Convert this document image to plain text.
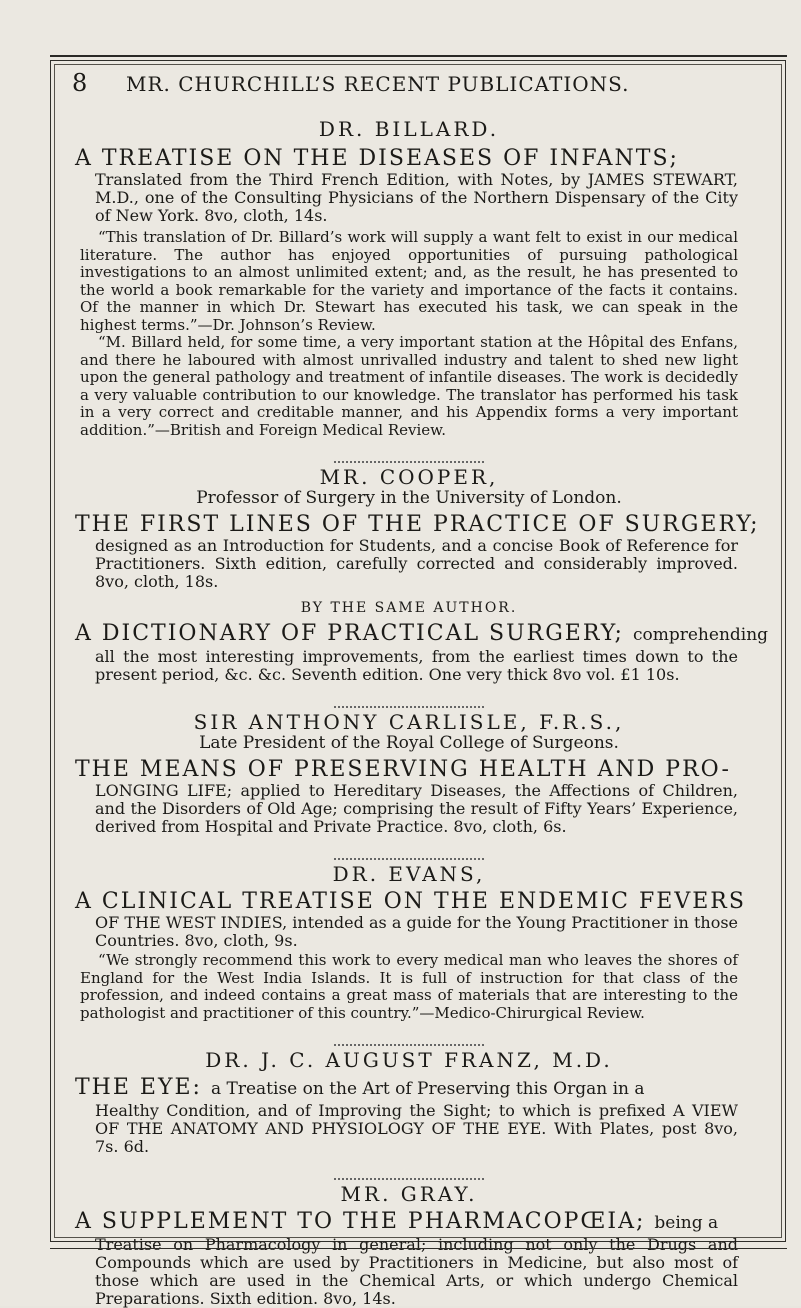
8 MR. CHURCHILL’S RECENT PUBLICATIONS.
DR. BILLARD.
A TREATISE ON THE DISEASES OF INFANTS;

Translated from the Third French Edition, with Notes, by JAMES STEWART, M.D., one of the Consulting Physicians of the Northern Dispensary of the City of New York. 8vo, cloth, 14s.

“This translation of Dr. Billard’s work will supply a want felt to exist in our medical literature. The author has enjoyed opportunities of pursuing pathological investigations to an almost unlimited extent; and, as the result, he has presented to the world a book remarkable for the variety and importance of the facts it contains. Of the manner in which Dr. Stewart has executed his task, we can speak in the highest terms.”—Dr. Johnson’s Review.

“M. Billard held, for some time, a very important station at the Hôpital des Enfans, and there he laboured with almost unrivalled industry and talent to shed new light upon the general pathology and treatment of infantile diseases. The work is decidedly a very valuable contribution to our knowledge. The translator has performed his task in a very correct and creditable manner, and his Appendix forms a very important addition.”—British and Foreign Medical Review.

MR. COOPER,
Professor of Surgery in the University of London.
THE FIRST LINES OF THE PRACTICE OF SURGERY;

designed as an Introduction for Students, and a concise Book of Reference for Practitioners. Sixth edition, carefully corrected and considerably improved. 8vo, cloth, 18s.

BY THE SAME AUTHOR.
A DICTIONARY OF PRACTICAL SURGERY; comprehending

all the most interesting improvements, from the earliest times down to the present period, &c. &c. Seventh edition. One very thick 8vo vol. £1 10s.

SIR ANTHONY CARLISLE, F.R.S.,
Late President of the Royal College of Surgeons.
THE MEANS OF PRESERVING HEALTH AND PRO-

LONGING LIFE; applied to Hereditary Diseases, the Affections of Children, and the Disorders of Old Age; comprising the result of Fifty Years’ Experience, derived from Hospital and Private Practice. 8vo, cloth, 6s.

DR. EVANS,
A CLINICAL TREATISE ON THE ENDEMIC FEVERS

OF THE WEST INDIES, intended as a guide for the Young Practitioner in those Countries. 8vo, cloth, 9s.

“We strongly recommend this work to every medical man who leaves the shores of England for the West India Islands. It is full of instruction for that class of the profession, and indeed contains a great mass of materials that are interesting to the pathologist and practitioner of this country.”—Medico-Chirurgical Review.

DR. J. C. AUGUST FRANZ, M.D.
THE EYE: a Treatise on the Art of Preserving this Organ in a

Healthy Condition, and of Improving the Sight; to which is prefixed A VIEW OF THE ANATOMY AND PHYSIOLOGY OF THE EYE. With Plates, post 8vo, 7s. 6d.

MR. GRAY.
A SUPPLEMENT TO THE PHARMACOPŒIA; being a

Treatise on Pharmacology in general; including not only the Drugs and Compounds which are used by Practitioners in Medicine, but also most of those which are used in the Chemical Arts, or which undergo Chemical Preparations. Sixth edition. 8vo, 14s.
